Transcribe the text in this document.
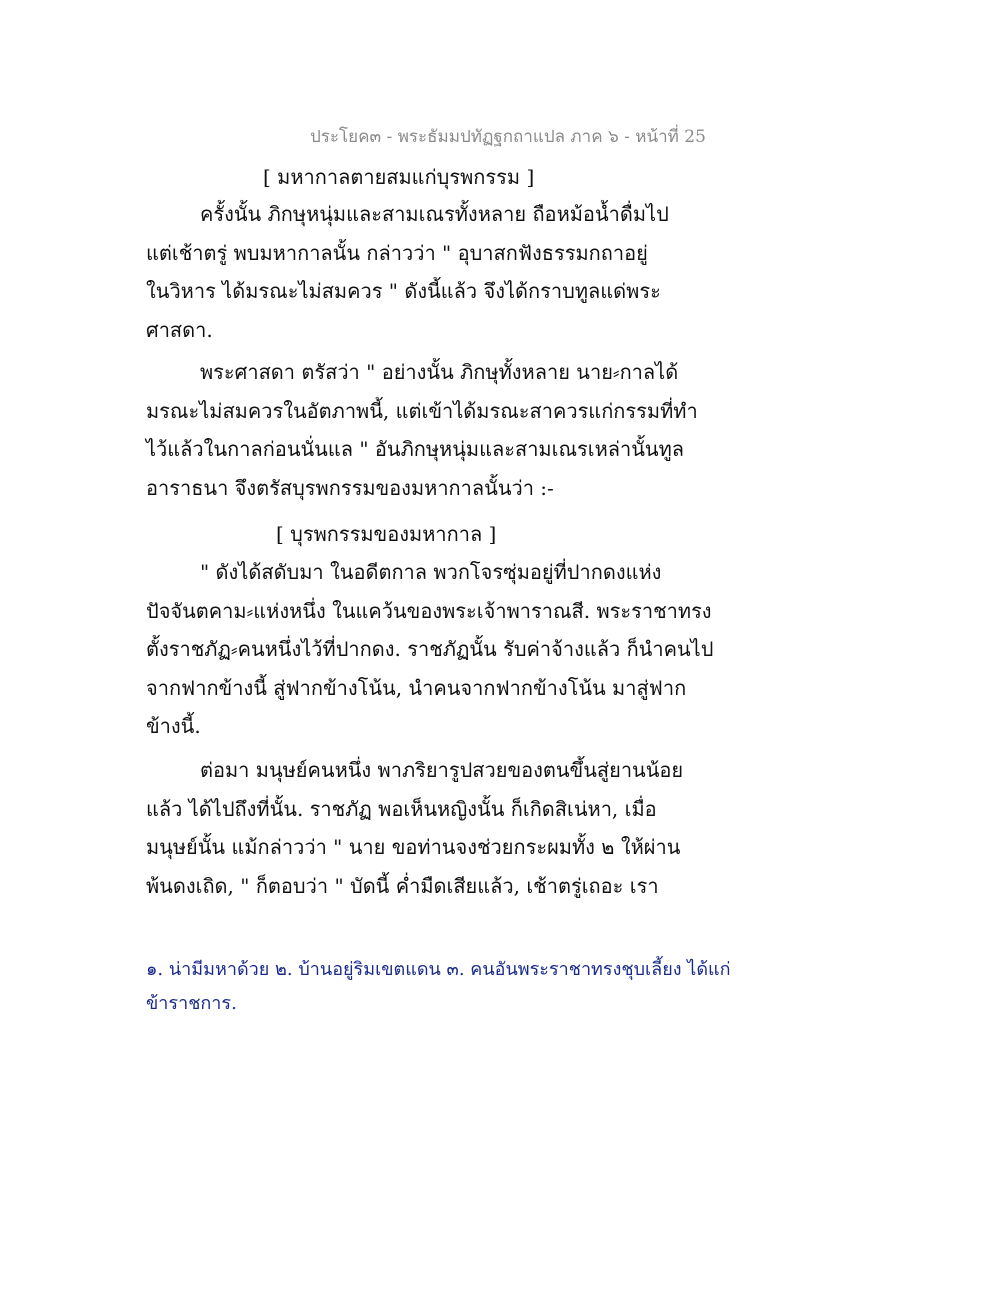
ประโยค๓ - พระธัมมปทัฏฐกถาแปล ภาค ๖ - หน้าที่ 25
[ มหากาลตายสมแก่บุรพกรรม ]
ครั้งนั้น ภิกษุหนุ่มและสามเณรทั้งหลาย ถือหม้อน้ำดื่มไป
แต่เช้าตรู่ พบมหากาลนั้น กล่าวว่า " อุบาสกฟังธรรมกถาอยู่
ในวิหาร ได้มรณะไม่สมควร " ดังนี้แล้ว จึงได้กราบทูลแด่พระ
ศาสดา.
พระศาสดา ตรัสว่า " อย่างนั้น ภิกษุทั้งหลาย นาย⸗กาลได้
มรณะไม่สมควรในอัตภาพนี้, แต่เข้าได้มรณะสาควรแก่กรรมที่ทำ
ไว้แล้วในกาลก่อนนั่นแล " อันภิกษุหนุ่มและสามเณรเหล่านั้นทูล
อาราธนา จึงตรัสบุรพกรรมของมหากาลนั้นว่า :-
[ บุรพกรรมของมหากาล ]
" ดังได้สดับมา ในอดีตกาล พวกโจรซุ่มอยู่ที่ปากดงแห่ง
ปัจจันตคาม⸗แห่งหนึ่ง ในแคว้นของพระเจ้าพาราณสี. พระราชาทรง
ตั้งราชภัฏ⸗คนหนึ่งไว้ที่ปากดง. ราชภัฏนั้น รับค่าจ้างแล้ว ก็นำคนไป
จากฟากข้างนี้ สู่ฟากข้างโน้น, นำคนจากฟากข้างโน้น มาสู่ฟาก
ข้างนี้.
ต่อมา มนุษย์คนหนึ่ง พาภริยารูปสวยของตนขึ้นสู่ยานน้อย
แล้ว ได้ไปถึงที่นั้น. ราชภัฏ พอเห็นหญิงนั้น ก็เกิดสิเน่หา, เมื่อ
มนุษย์นั้น แม้กล่าวว่า " นาย ขอท่านจงช่วยกระผมทั้ง ๒ ให้ผ่าน
พ้นดงเถิด, " ก็ตอบว่า " บัดนี้ ค่ำมืดเสียแล้ว, เช้าตรู่เถอะ เรา
๑. น่ามีมหาด้วย ๒. บ้านอยู่ริมเขตแดน ๓. คนอันพระราชาทรงชุบเลี้ยง ได้แก่
ข้าราชการ.
